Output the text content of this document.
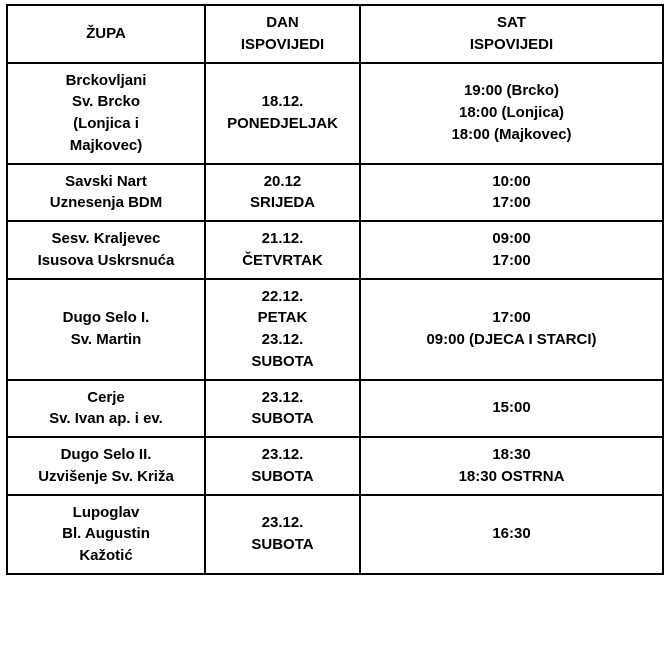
ŽUPA	DAN
ISPOVIJEDI	SAT
ISPOVIJEDI

Brckovljani
Sv. Brcko
(Lonjica i
Majkovec)	18.12.
PONEDJELJAK	19:00 (Brcko)
18:00 (Lonjica)
18:00 (Majkovec)

Savski Nart
Uznesenja BDM	20.12
SRIJEDA	10:00
17:00

Sesv. Kraljevec
Isusova Uskrsnuća	21.12.
ČETVRTAK	09:00
17:00

Dugo Selo I.
Sv. Martin	22.12.
PETAK
23.12.
SUBOTA	17:00
09:00 (DJECA I STARCI)

Cerje
Sv. Ivan ap. i ev.	23.12.
SUBOTA	15:00

Dugo Selo II.
Uzvišenje Sv. Križa	23.12.
SUBOTA	18:30
18:30 OSTRNA

Lupoglav
Bl. Augustin
Kažotić	23.12.
SUBOTA	16:30
